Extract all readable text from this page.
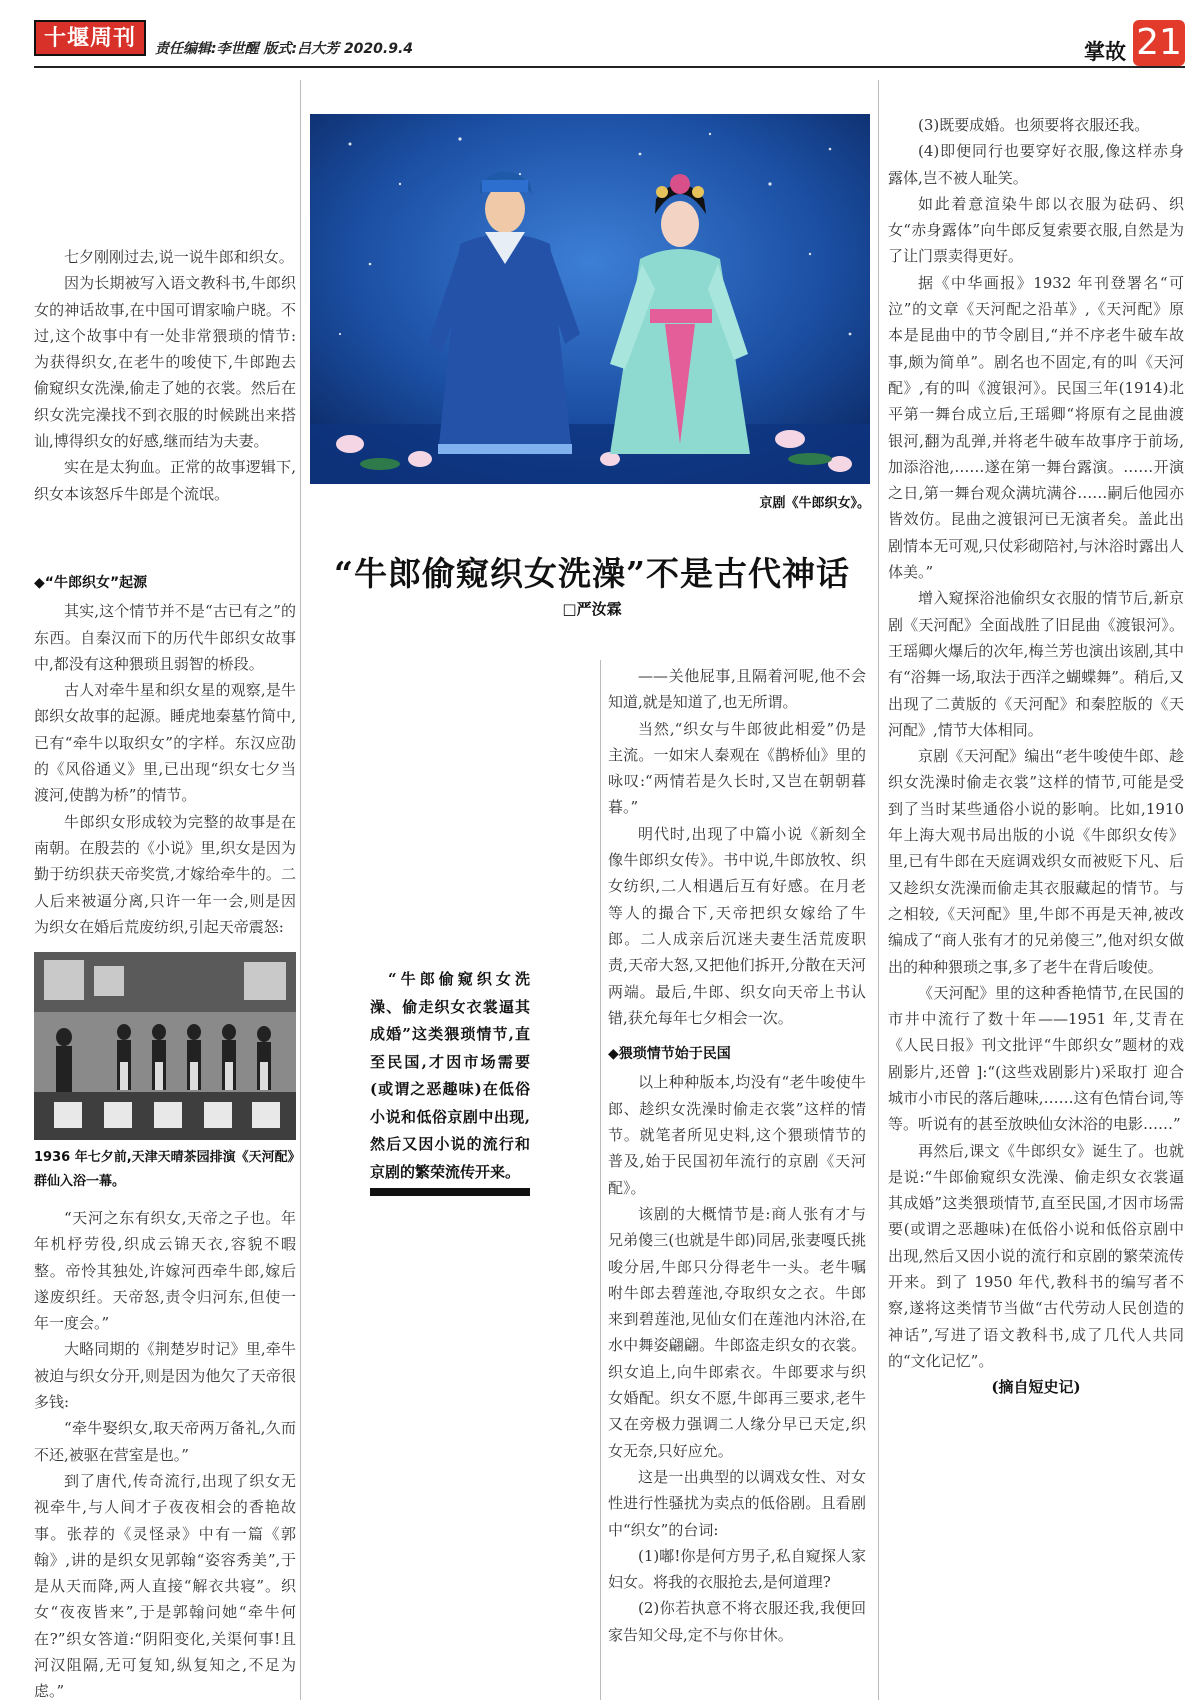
十堰周刊	责任编辑:李世醒 版式:吕大芳 2020.9.4	掌故 21
京剧《牛郎织女》。
“牛郎偷窥织女洗澡”不是古代神话
□严汝霖

七夕刚刚过去,说一说牛郎和织女。

因为长期被写入语文教科书,牛郎织女的神话故事,在中国可谓家喻户晓。不过,这个故事中有一处非常猥琐的情节:为获得织女,在老牛的唆使下,牛郎跑去偷窥织女洗澡,偷走了她的衣裳。然后在织女洗完澡找不到衣服的时候跳出来搭讪,博得织女的好感,继而结为夫妻。

实在是太狗血。正常的故事逻辑下,织女本该怒斥牛郎是个流氓。

◆“牛郎织女”起源

其实,这个情节并不是“古已有之”的东西。自秦汉而下的历代牛郎织女故事中,都没有这种猥琐且弱智的桥段。

古人对牵牛星和织女星的观察,是牛郎织女故事的起源。睡虎地秦墓竹简中,已有“牵牛以取织女”的字样。东汉应劭的《风俗通义》里,已出现“织女七夕当渡河,使鹊为桥”的情节。

牛郎织女形成较为完整的故事是在南朝。在殷芸的《小说》里,织女是因为勤于纺织获天帝奖赏,才嫁给牵牛的。二人后来被逼分离,只许一年一会,则是因为织女在婚后荒废纺织,引起天帝震怒:

1936 年七夕前,天津天晴茶园排演《天河配》群仙入浴一幕。

“天河之东有织女,天帝之子也。年年机杼劳役,织成云锦天衣,容貌不暇整。帝怜其独处,许嫁河西牵牛郎,嫁后遂废织纴。天帝怒,责令归河东,但使一年一度会。”

大略同期的《荆楚岁时记》里,牵牛被迫与织女分开,则是因为他欠了天帝很多钱:

“牵牛娶织女,取天帝两万备礼,久而不还,被驱在营室是也。”

到了唐代,传奇流行,出现了织女无视牵牛,与人间才子夜夜相会的香艳故事。张荐的《灵怪录》中有一篇《郭翰》,讲的是织女见郭翰“姿容秀美”,于是从天而降,两人直接“解衣共寝”。织女“夜夜皆来”,于是郭翰问她“牵牛何在?”织女答道:“阴阳变化,关渠何事!且河汉阻隔,无可复知,纵复知之,不足为虑。”

“牛郎偷窥织女洗澡、偷走织女衣裳逼其成婚”这类猥琐情节,直至民国,才因市场需要(或谓之恶趣味)在低俗小说和低俗京剧中出现,然后又因小说的流行和京剧的繁荣流传开来。

——关他屁事,且隔着河呢,他不会知道,就是知道了,也无所谓。

当然,“织女与牛郎彼此相爱”仍是主流。一如宋人秦观在《鹊桥仙》里的咏叹:“两情若是久长时,又岂在朝朝暮暮。”

明代时,出现了中篇小说《新刻全像牛郎织女传》。书中说,牛郎放牧、织女纺织,二人相遇后互有好感。在月老等人的撮合下,天帝把织女嫁给了牛郎。二人成亲后沉迷夫妻生活荒废职责,天帝大怒,又把他们拆开,分散在天河两端。最后,牛郎、织女向天帝上书认错,获允每年七夕相会一次。

◆猥琐情节始于民国

以上种种版本,均没有“老牛唆使牛郎、趁织女洗澡时偷走衣裳”这样的情节。就笔者所见史料,这个猥琐情节的普及,始于民国初年流行的京剧《天河配》。

该剧的大概情节是:商人张有才与兄弟傻三(也就是牛郎)同居,张妻嘎氏挑唆分居,牛郎只分得老牛一头。老牛嘱咐牛郎去碧莲池,夺取织女之衣。牛郎来到碧莲池,见仙女们在莲池内沐浴,在水中舞姿翩翩。牛郎盗走织女的衣裳。织女追上,向牛郎索衣。牛郎要求与织女婚配。织女不愿,牛郎再三要求,老牛又在旁极力强调二人缘分早已天定,织女无奈,只好应允。

这是一出典型的以调戏女性、对女性进行性骚扰为卖点的低俗剧。且看剧中“织女”的台词:

(1)嘟!你是何方男子,私自窥探人家妇女。将我的衣服抢去,是何道理?

(2)你若执意不将衣服还我,我便回家告知父母,定不与你甘休。

(3)既要成婚。也须要将衣服还我。

(4)即便同行也要穿好衣服,像这样赤身露体,岂不被人耻笑。

如此着意渲染牛郎以衣服为砝码、织女“赤身露体”向牛郎反复索要衣服,自然是为了让门票卖得更好。

据《中华画报》1932 年刊登署名“可泣”的文章《天河配之沿革》,《天河配》原本是昆曲中的节令剧目,“并不序老牛破车故事,颇为简单”。剧名也不固定,有的叫《天河配》,有的叫《渡银河》。民国三年(1914)北平第一舞台成立后,王瑶卿“将原有之昆曲渡银河,翻为乱弹,并将老牛破车故事序于前场,加添浴池,……遂在第一舞台露演。……开演之日,第一舞台观众满坑满谷……嗣后他园亦皆效仿。昆曲之渡银河已无演者矣。盖此出剧情本无可观,只仗彩砌陪衬,与沐浴时露出人体美。”

增入窥探浴池偷织女衣服的情节后,新京剧《天河配》全面战胜了旧昆曲《渡银河》。王瑶卿火爆后的次年,梅兰芳也演出该剧,其中有“浴舞一场,取法于西洋之蝴蝶舞”。稍后,又出现了二黄版的《天河配》和秦腔版的《天河配》,情节大体相同。

京剧《天河配》编出“老牛唆使牛郎、趁织女洗澡时偷走衣裳”这样的情节,可能是受到了当时某些通俗小说的影响。比如,1910 年上海大观书局出版的小说《牛郎织女传》里,已有牛郎在天庭调戏织女而被贬下凡、后又趁织女洗澡而偷走其衣服藏起的情节。与之相较,《天河配》里,牛郎不再是天神,被改编成了“商人张有才的兄弟傻三”,他对织女做出的种种猥琐之事,多了老牛在背后唆使。

《天河配》里的这种香艳情节,在民国的市井中流行了数十年——1951 年,艾青在《人民日报》刊文批评“牛郎织女”题材的戏剧影片,还曾 ]:“(这些戏剧影片)采取打 迎合城市小市民的落后趣味,……这有色情台词,等等。听说有的甚至放映仙女沐浴的电影……”

再然后,课文《牛郎织女》诞生了。也就是说:“牛郎偷窥织女洗澡、偷走织女衣裳逼其成婚”这类猥琐情节,直至民国,才因市场需要(或谓之恶趣味)在低俗小说和低俗京剧中出现,然后又因小说的流行和京剧的繁荣流传开来。到了 1950 年代,教科书的编写者不察,遂将这类情节当做“古代劳动人民创造的神话”,写进了语文教科书,成了几代人共同的“文化记忆”。

(摘自短史记)
